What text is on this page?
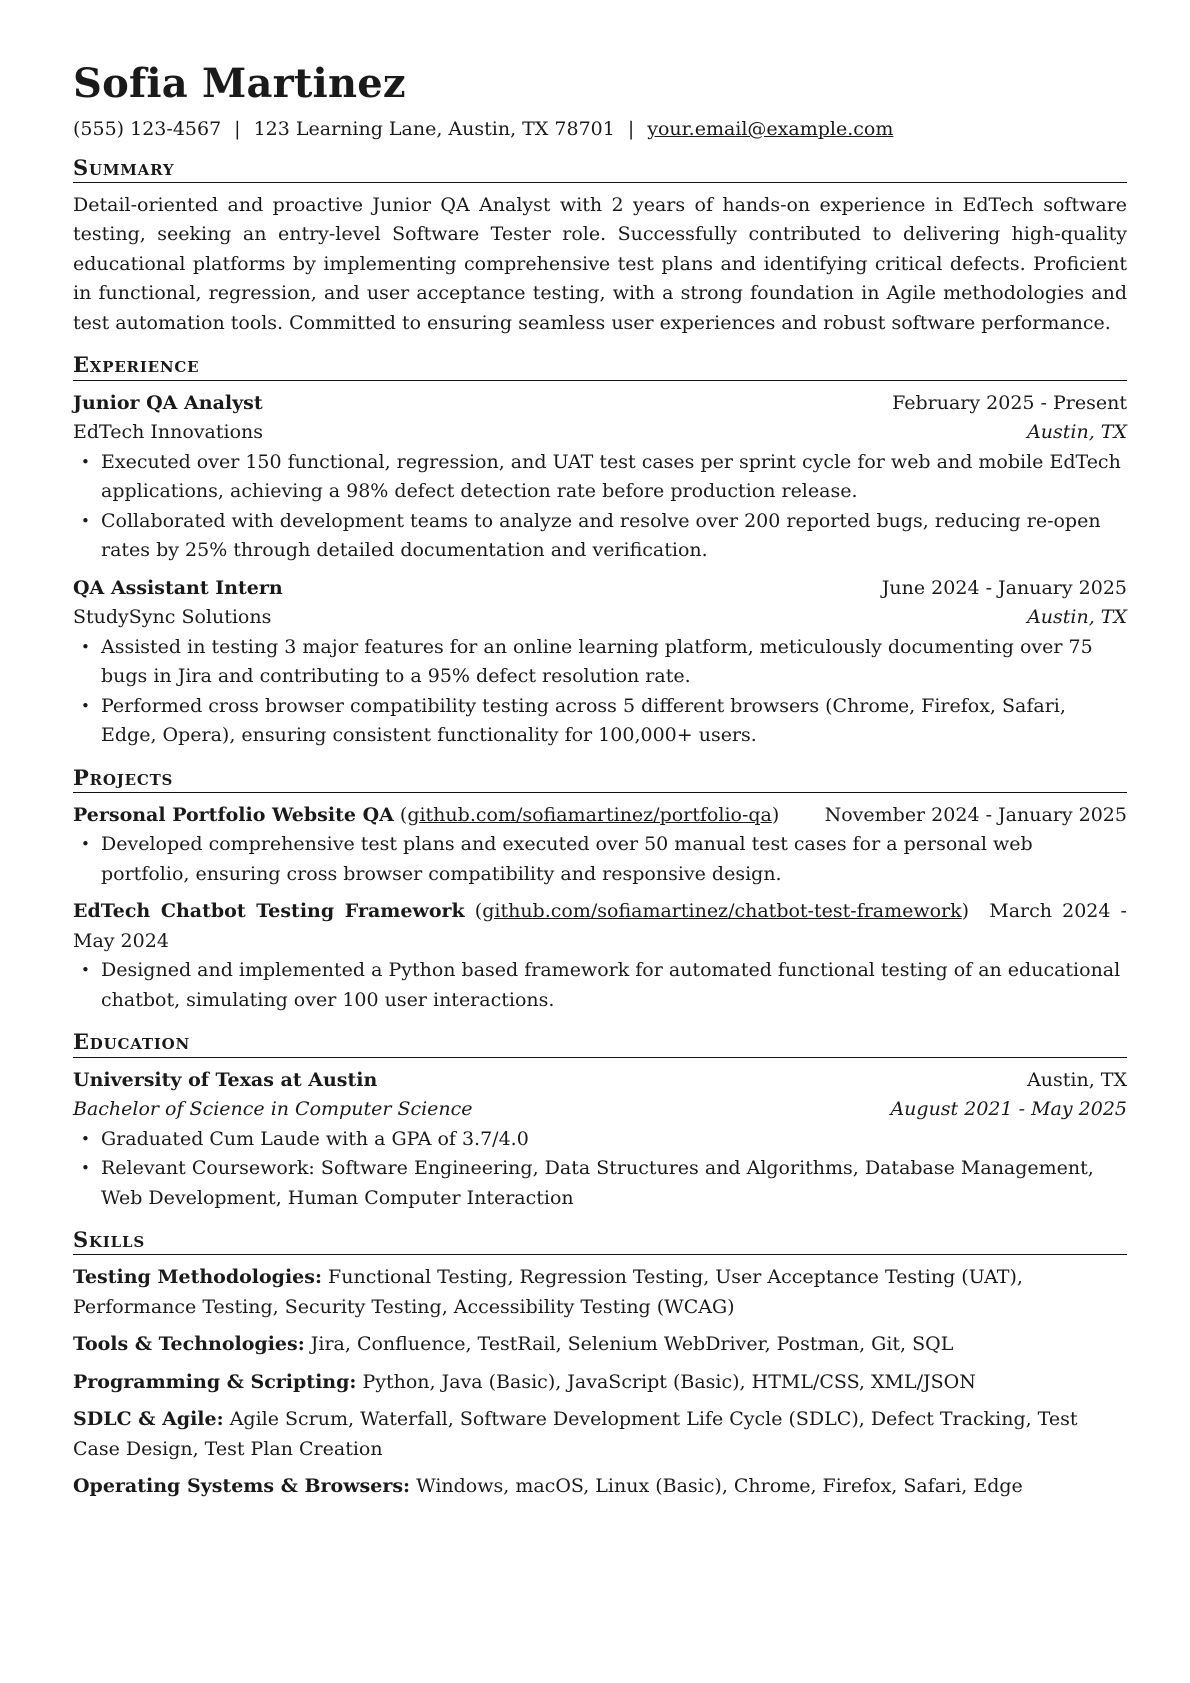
Sofia Martinez
(555) 123-4567 | 123 Learning Lane, Austin, TX 78701 | your.email@example.com
Summary
Detail-oriented and proactive Junior QA Analyst with 2 years of hands-on experience in EdTech software testing, seeking an entry-level Software Tester role. Successfully contributed to delivering high-quality educational platforms by implementing comprehensive test plans and identifying critical defects. Proficient in functional, regression, and user acceptance testing, with a strong foundation in Agile methodologies and test automation tools. Committed to ensuring seamless user experiences and robust software performance.
Experience
Junior QA Analyst	February 2025 - Present
EdTech Innovations	Austin, TX
• Executed over 150 functional, regression, and UAT test cases per sprint cycle for web and mobile EdTech applications, achieving a 98% defect detection rate before production release.
• Collaborated with development teams to analyze and resolve over 200 reported bugs, reducing re-open rates by 25% through detailed documentation and verification.
QA Assistant Intern	June 2024 - January 2025
StudySync Solutions	Austin, TX
• Assisted in testing 3 major features for an online learning platform, meticulously documenting over 75 bugs in Jira and contributing to a 95% defect resolution rate.
• Performed cross browser compatibility testing across 5 different browsers (Chrome, Firefox, Safari, Edge, Opera), ensuring consistent functionality for 100,000+ users.
Projects
Personal Portfolio Website QA (github.com/sofiamartinez/portfolio-qa) November 2024 - January 2025
• Developed comprehensive test plans and executed over 50 manual test cases for a personal web portfolio, ensuring cross browser compatibility and responsive design.
EdTech Chatbot Testing Framework (github.com/sofiamartinez/chatbot-test-framework)  March 2024 - May 2024
• Designed and implemented a Python based framework for automated functional testing of an educational chatbot, simulating over 100 user interactions.
Education
University of Texas at Austin	Austin, TX
Bachelor of Science in Computer Science	August 2021 - May 2025
• Graduated Cum Laude with a GPA of 3.7/4.0
• Relevant Coursework: Software Engineering, Data Structures and Algorithms, Database Management, Web Development, Human Computer Interaction
Skills
Testing Methodologies: Functional Testing, Regression Testing, User Acceptance Testing (UAT), Performance Testing, Security Testing, Accessibility Testing (WCAG)
Tools & Technologies: Jira, Confluence, TestRail, Selenium WebDriver, Postman, Git, SQL
Programming & Scripting: Python, Java (Basic), JavaScript (Basic), HTML/CSS, XML/JSON
SDLC & Agile: Agile Scrum, Waterfall, Software Development Life Cycle (SDLC), Defect Tracking, Test Case Design, Test Plan Creation
Operating Systems & Browsers: Windows, macOS, Linux (Basic), Chrome, Firefox, Safari, Edge
